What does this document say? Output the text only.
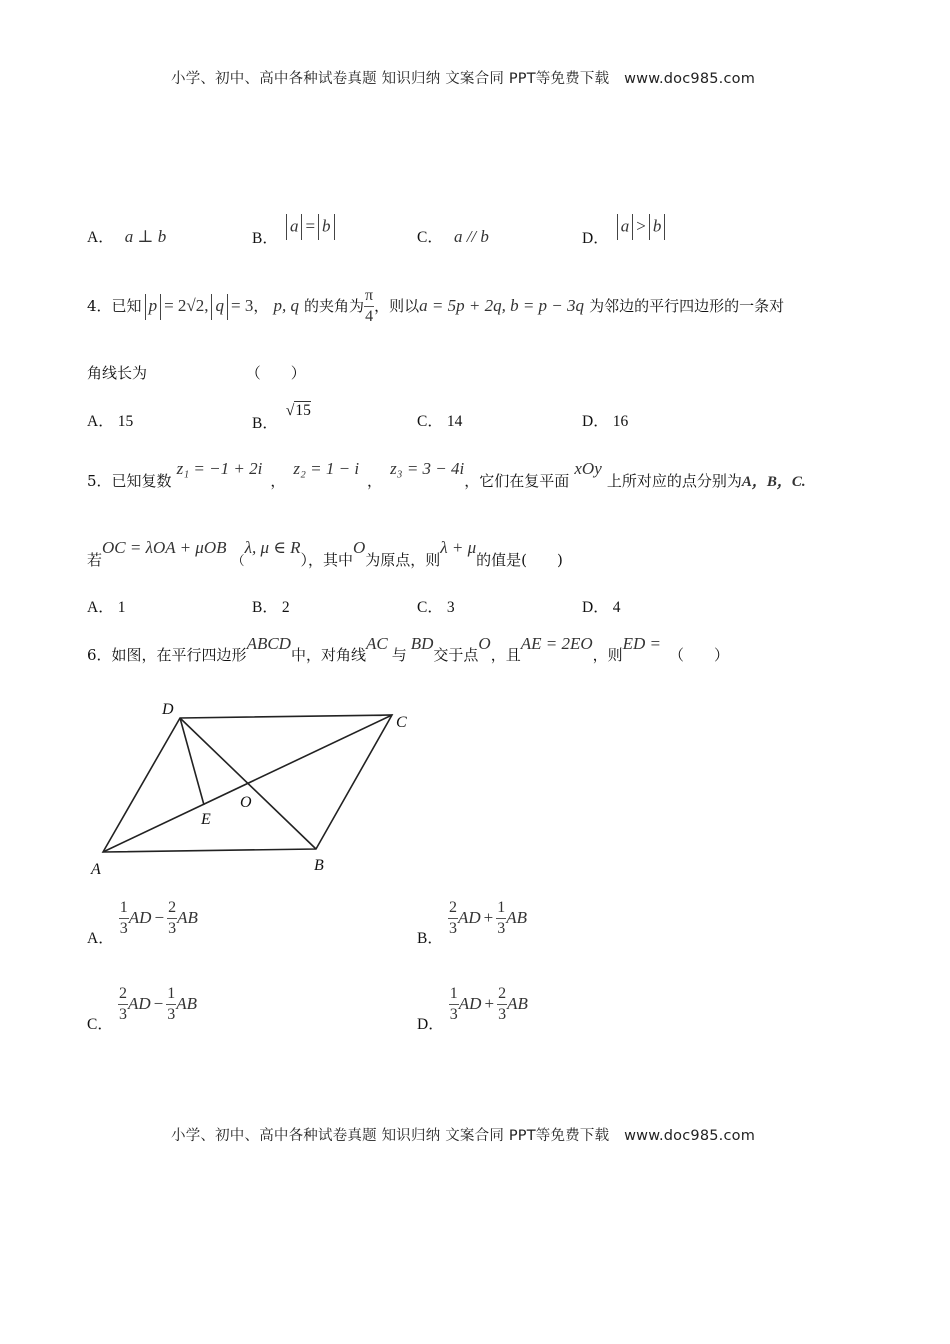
小学、初中、高中各种试卷真题 知识归纳 文案合同 PPT等免费下载 www.doc985.com
A． a ⊥ b	B． a = b
C． a // b	D． a > b
4．已知 p = 2√2, q = 3， p, q 的夹角为 $\frac{\pi}{4}$ ，则以a = 5p + 2q, b = p − 3q 为邻边的平行四边形的一条对
角线长为	（　　）
A． 15	B．√15
C． 14	D． 16
5．已知复数 z₁ = −1 + 2i，z₂ = 1 − i，z₃ = 3 − 4i，它们在复平面 xOy 上所对应的点分别为A，B，C.
若OC = λOA + μOB $_($λ, μ ∈ R），其中O为原点，则λ + μ的值是(　　)
A． 1	B． 2	C． 3	D． 4
6．如图，在平行四边形ABCD中，对角线AC与BD交于点O，且AE = 2EO，则ED =（　　）
D
C
A	B
E
O
A．
$\frac{1}{3}$ AD − $\frac{2}{3}$ AB
B．
$\frac{2}{3}$ AD + $\frac{1}{3}$ AB
C．
$\frac{2}{3}$ AD − $\frac{1}{3}$ AB
D．
$\frac{1}{3}$ AD + $\frac{2}{3}$ AB
小学、初中、高中各种试卷真题 知识归纳 文案合同 PPT等免费下载 www.doc985.com
